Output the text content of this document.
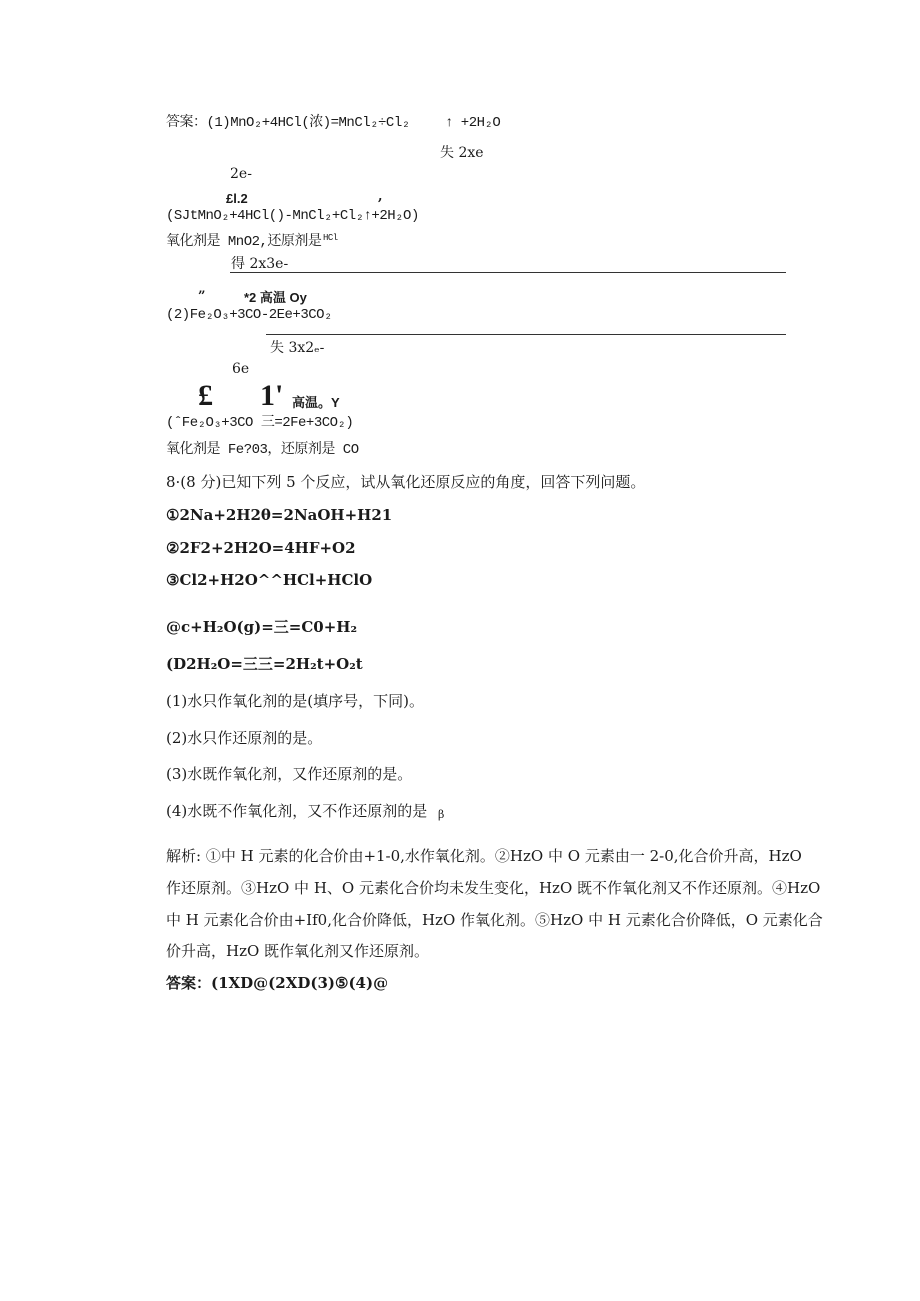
答案：(1)MnO₂+4HCl(浓)=MnCl₂÷Cl₂	↑ +2H₂O
失 2xe
2e-
£l.2	,
(SJtMnO₂+4HCl()-MnCl₂+Cl₂↑+2H₂O)
氧化剂是 MnO2,还原剂是 HCl
得 2x3e-
”	*2 高温 Oy
(2)Fe₂O₃+3CO-2Ee+3CO₂
失 3x2ₑ-
6e
£ 1' 高温。Y
(ˆFe₂O₃+3CO 三=2Fe+3CO₂)
氧化剂是 Fe?03，还原剂是 CO
8·(8 分)已知下列 5 个反应，试从氧化还原反应的角度，回答下列问题。
①2Na+2H2θ=2NaOH+H21
②2F2+2H2O=4HF+O2
③Cl2+H2O^^HCl+HClO
@c+H₂O(g)=三=C0+H₂
(D2H₂O=三三=2H₂t+O₂t
(1)水只作氧化剂的是(填序号，下同)。
(2)水只作还原剂的是。
(3)水既作氧化剂，又作还原剂的是。
(4)水既不作氧化剂，又不作还原剂的是 β
解析: ①中 H 元素的化合价由+1-0,水作氧化剂。②HzO 中 O 元素由一 2-0,化合价升高，HzO
作还原剂。③HzO 中 H、O 元素化合价均未发生变化，HzO 既不作氧化剂又不作还原剂。④HzO
中 H 元素化合价由+If0,化合价降低，HzO 作氧化剂。⑤HzO 中 H 元素化合价降低，O 元素化合
价升高，HzO 既作氧化剂又作还原剂。
答案：(1XD@(2XD(3)⑤(4)@
